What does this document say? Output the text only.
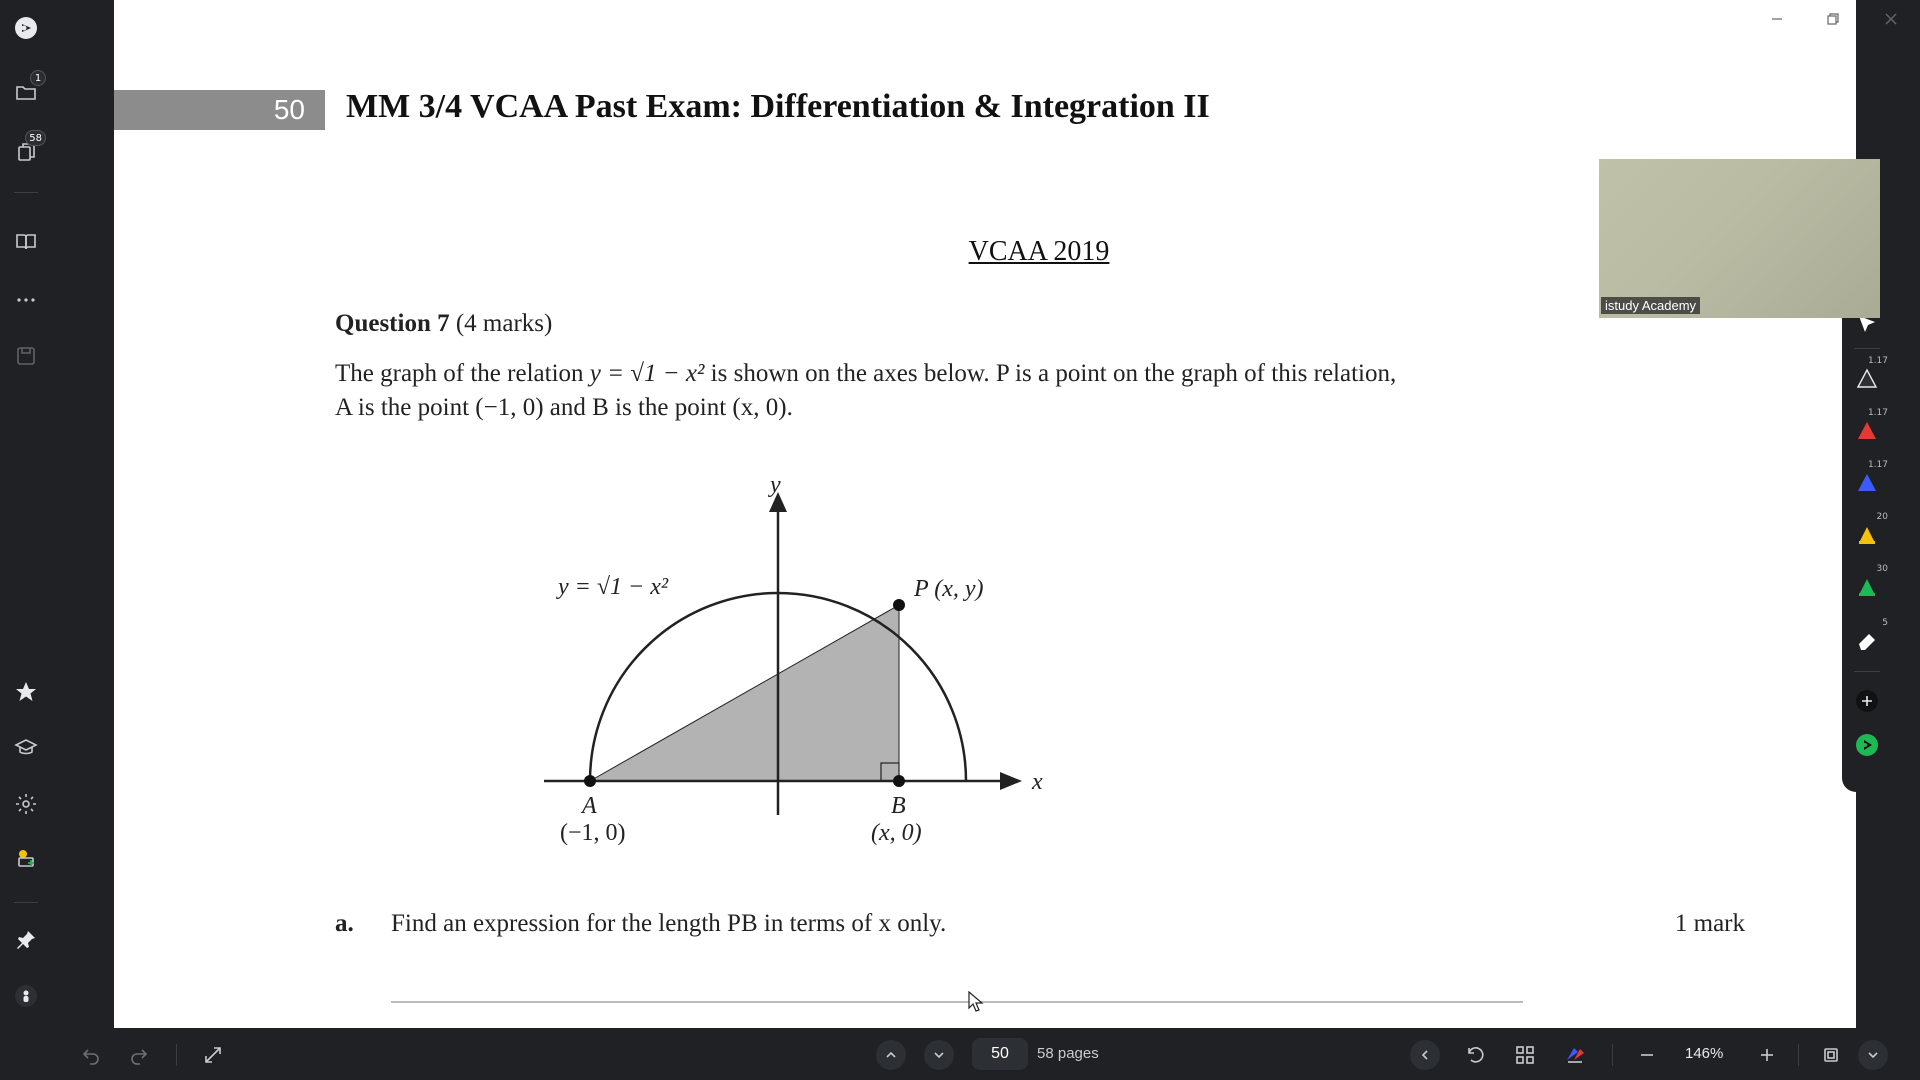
1
58
50	MM 3/4 VCAA Past Exam: Differentiation & Integration II
VCAA 2019
Question 7 (4 marks)
The graph of the relation y = √1 − x² is shown on the axes below. P is a point on the graph of this relation,
A is the point (−1, 0) and B is the point (x, 0).
y
x
y = √1 − x²	P (x, y)
A
(−1, 0)
B
(x, 0)
a. Find an expression for the length PB in terms of x only.	1 mark
1.17
1.17
1.17
20
30
5
istudy Academy
50	58 pages	146%
